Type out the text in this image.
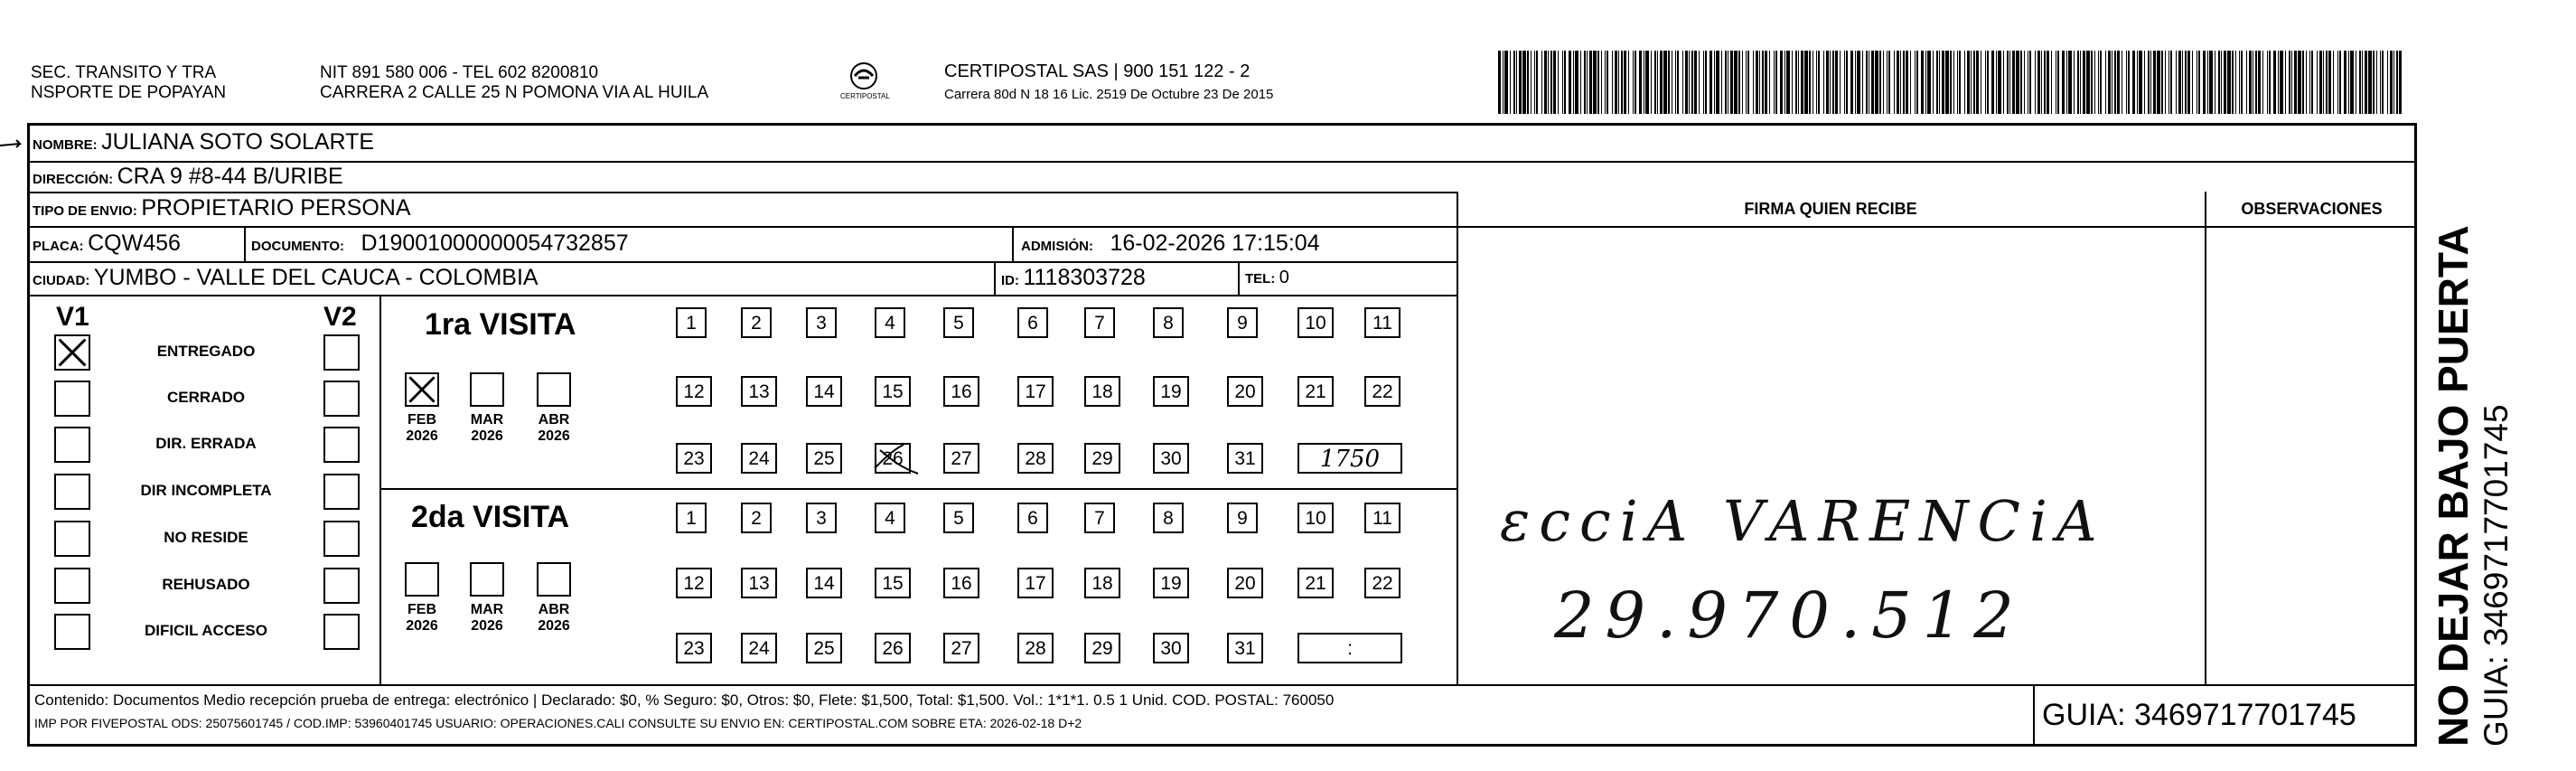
SEC. TRANSITO Y TRA
NSPORTE DE POPAYAN
NIT 891 580 006 - TEL 602 8200810
CARRERA 2 CALLE 25 N POMONA VIA AL HUILA	CERTIPOSTAL
CERTIPOSTAL SAS | 900 151 122 - 2
Carrera 80d N 18 16 Lic. 2519 De Octubre 23 De 2015
NOMBRE: JULIANA SOTO SOLARTE
DIRECCIÓN: CRA 9 #8-44 B/URIBE
TIPO DE ENVIO: PROPIETARIO PERSONA	FIRMA QUIEN RECIBE	OBSERVACIONES
PLACA: CQW456	DOCUMENTO: D19001000000054732857	ADMISIÓN: 16-02-2026 17:15:04
CIUDAD: YUMBO - VALLE DEL CAUCA - COLOMBIA	ID: 1118303728	TEL: 0
V1	V2
ENTREGADO
CERRADO
DIR. ERRADA
DIR INCOMPLETA
NO RESIDE
REHUSADO
DIFICIL ACCESO
1ra VISITA
FEB
2026
MAR
2026
ABR
2026
1	2	3	4	5	6	7	8	9	10	11
12	13	14	15	16	17	18	19	20	21	22
23	24	25	26	27	28	29	30	31	1750
2da VISITA
FEB
2026
MAR
2026
ABR
2026
1	2	3	4	5	6	7	8	9	10	11
12	13	14	15	16	17	18	19	20	21	22
23	24	25	26	27	28	29	30	31	:
ɛcciA VARENCiA
29.970.512
Contenido: Documentos Medio recepción prueba de entrega: electrónico | Declarado: $0, % Seguro: $0, Otros: $0, Flete: $1,500, Total: $1,500. Vol.: 1*1*1. 0.5 1 Unid. COD. POSTAL: 760050
IMP POR FIVEPOSTAL ODS: 25075601745 / COD.IMP: 53960401745 USUARIO: OPERACIONES.CALI CONSULTE SU ENVIO EN: CERTIPOSTAL.COM SOBRE ETA: 2026-02-18 D+2	GUIA: 3469717701745 NO DEJAR BAJO PUERTA GUIA: 3469717701745
